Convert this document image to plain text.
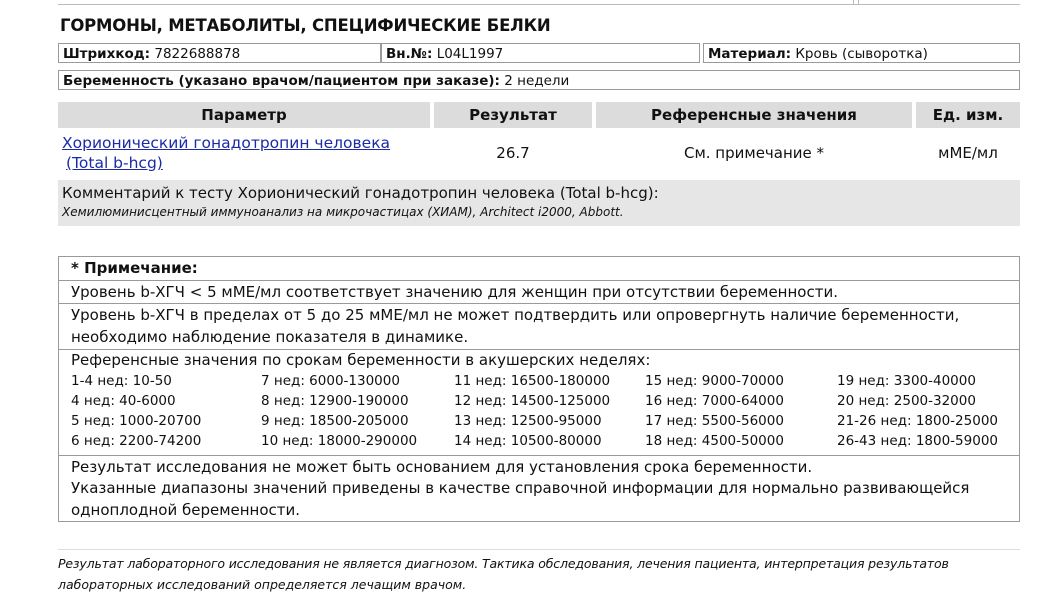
ГОРМОНЫ, МЕТАБОЛИТЫ, СПЕЦИФИЧЕСКИЕ БЕЛКИ
Штрихкод: 7822688878	Вн.№: L04L1997	Материал: Кровь (сыворотка)
Беременность (указано врачом/пациентом при заказе): 2 недели
Параметр	Результат	Референсные значения	Ед. изм.
Хорионический гонадотропин человека
(Total b-hcg)
26.7	См. примечание *	мМЕ/мл
Комментарий к тесту Хорионический гонадотропин человека (Total b-hcg):
Хемилюминисцентный иммуноанализ на микрочастицах (ХИАМ), Architect i2000, Abbott.
* Примечание:
Уровень b-ХГЧ < 5 мМЕ/мл соответствует значению для женщин при отсутствии беременности.
Уровень b-ХГЧ в пределах от 5 до 25 мМЕ/мл не может подтвердить или опровергнуть наличие беременности,
необходимо наблюдение показателя в динамике.
Референсные значения по срокам беременности в акушерских неделях:
1-4 нед: 10-50	7 нед: 6000-130000	11 нед: 16500-180000	15 нед: 9000-70000	19 нед: 3300-40000
4 нед: 40-6000	8 нед: 12900-190000	12 нед: 14500-125000	16 нед: 7000-64000	20 нед: 2500-32000
5 нед: 1000-20700	9 нед: 18500-205000	13 нед: 12500-95000	17 нед: 5500-56000	21-26 нед: 1800-25000
6 нед: 2200-74200	10 нед: 18000-290000	14 нед: 10500-80000	18 нед: 4500-50000	26-43 нед: 1800-59000
Результат исследования не может быть основанием для установления срока беременности.
Указанные диапазоны значений приведены в качестве справочной информации для нормально развивающейся
одноплодной беременности.
Результат лабораторного исследования не является диагнозом. Тактика обследования, лечения пациента, интерпретация результатов
лабораторных исследований определяется лечащим врачом.
